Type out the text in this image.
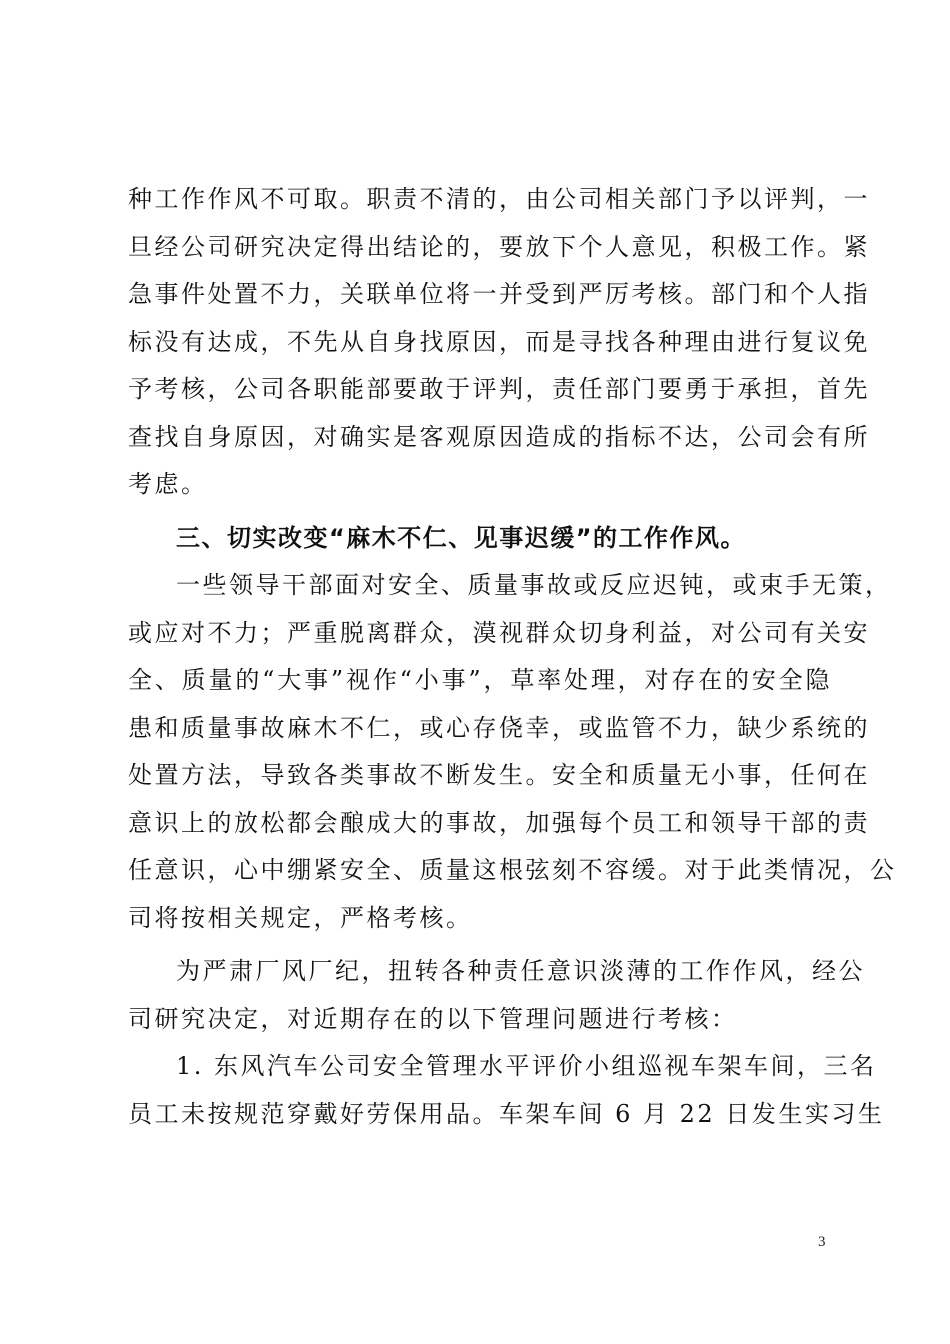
种工作作风不可取。职责不清的，由公司相关部门予以评判，一
旦经公司研究决定得出结论的，要放下个人意见，积极工作。紧
急事件处置不力，关联单位将一并受到严厉考核。部门和个人指
标没有达成，不先从自身找原因，而是寻找各种理由进行复议免
予考核，公司各职能部要敢于评判，责任部门要勇于承担，首先
查找自身原因，对确实是客观原因造成的指标不达，公司会有所
考虑。
三、切实改变“麻木不仁、见事迟缓”的工作作风。
一些领导干部面对安全、质量事故或反应迟钝，或束手无策，
或应对不力；严重脱离群众，漠视群众切身利益，对公司有关安
全、质量的“大事”视作“小事”，草率处理，对存在的安全隐
患和质量事故麻木不仁，或心存侥幸，或监管不力，缺少系统的
处置方法，导致各类事故不断发生。安全和质量无小事，任何在
意识上的放松都会酿成大的事故，加强每个员工和领导干部的责
任意识，心中绷紧安全、质量这根弦刻不容缓。对于此类情况，公
司将按相关规定，严格考核。
为严肃厂风厂纪，扭转各种责任意识淡薄的工作作风，经公
司研究决定，对近期存在的以下管理问题进行考核：
1. 东风汽车公司安全管理水平评价小组巡视车架车间，三名
员工未按规范穿戴好劳保用品。车架车间 6 月 22 日发生实习生
3
